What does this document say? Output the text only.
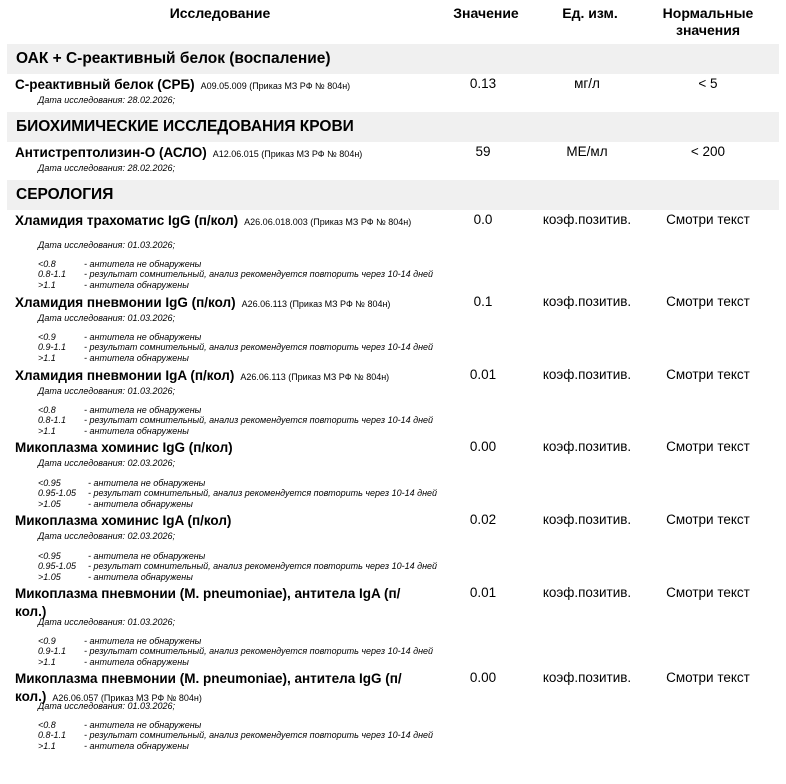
Исследование	Значение	Ед. изм.	Нормальные
значения
ОАК + С-реактивный белок (воспаление)
С-реактивный белок (СРБ) A09.05.009 (Приказ МЗ РФ № 804н)
Дата исследования: 28.02.2026;
0.13	мг/л	< 5
БИОХИМИЧЕСКИЕ ИССЛЕДОВАНИЯ КРОВИ
Антистрептолизин-О (АСЛО) A12.06.015 (Приказ МЗ РФ № 804н)
Дата исследования: 28.02.2026;
59	МЕ/мл	< 200
СЕРОЛОГИЯ
Хламидия трахоматис IgG (п/кол) A26.06.018.003 (Приказ МЗ РФ № 804н)
Дата исследования: 01.03.2026;
<0.8	- антитела не обнаружены
0.8-1.1	- результат сомнительный, анализ рекомендуется повторить через 10-14 дней
>1.1	- антитела обнаружены
0.0	коэф.позитив.	Смотри текст
Хламидия пневмонии IgG (п/кол) A26.06.113 (Приказ МЗ РФ № 804н)
Дата исследования: 01.03.2026;
<0.9	- антитела не обнаружены
0.9-1.1	- результат сомнительный, анализ рекомендуется повторить через 10-14 дней
>1.1	- антитела обнаружены
0.1	коэф.позитив.	Смотри текст
Хламидия пневмонии IgA (п/кол) A26.06.113 (Приказ МЗ РФ № 804н)
Дата исследования: 01.03.2026;
<0.8	- антитела не обнаружены
0.8-1.1	- результат сомнительный, анализ рекомендуется повторить через 10-14 дней
>1.1	- антитела обнаружены
0.01	коэф.позитив.	Смотри текст
Микоплазма хоминис IgG (п/кол)
Дата исследования: 02.03.2026;
<0.95	- антитела не обнаружены
0.95-1.05	- результат сомнительный, анализ рекомендуется повторить через 10-14 дней
>1.05	- антитела обнаружены
0.00	коэф.позитив.	Смотри текст
Микоплазма хоминис IgA (п/кол)
Дата исследования: 02.03.2026;
<0.95	- антитела не обнаружены
0.95-1.05	- результат сомнительный, анализ рекомендуется повторить через 10-14 дней
>1.05	- антитела обнаружены
0.02	коэф.позитив.	Смотри текст
Микоплазма пневмонии (M. pneumoniae), антитела IgA (п/кол.)
Дата исследования: 01.03.2026;
<0.9	- антитела не обнаружены
0.9-1.1	- результат сомнительный, анализ рекомендуется повторить через 10-14 дней
>1.1	- антитела обнаружены
0.01	коэф.позитив.	Смотри текст
Микоплазма пневмонии (M. pneumoniae), антитела IgG (п/кол.) A26.06.057 (Приказ МЗ РФ № 804н)
Дата исследования: 01.03.2026;
<0.8	- антитела не обнаружены
0.8-1.1	- результат сомнительный, анализ рекомендуется повторить через 10-14 дней
>1.1	- антитела обнаружены
0.00	коэф.позитив.	Смотри текст
